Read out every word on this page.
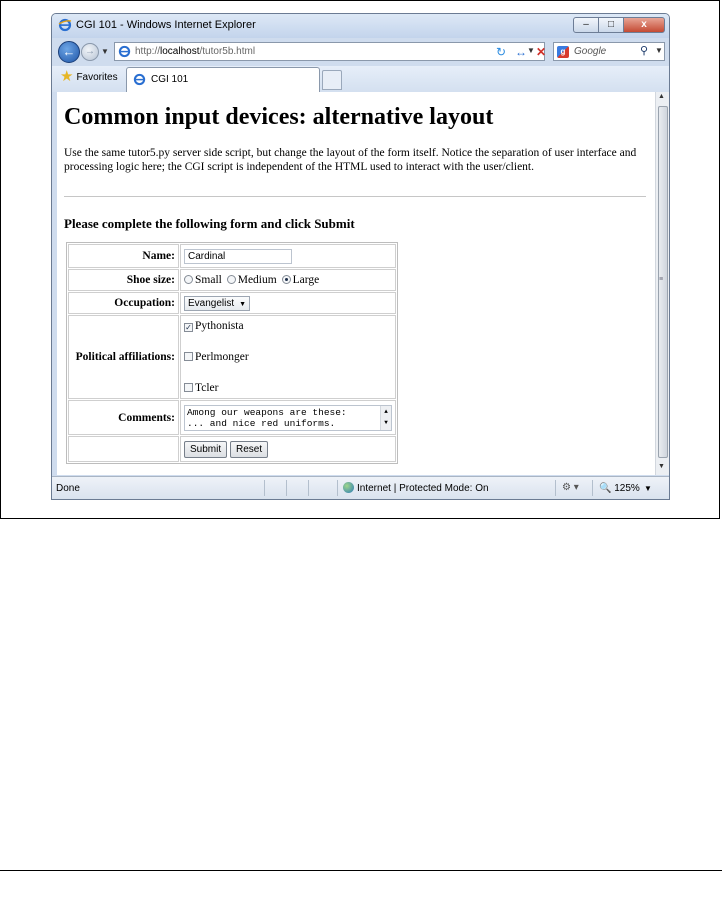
CGI 101 - Windows Internet Explorer	–	□	x
← → ▼	http://localhost/tutor5b.html	▼
↻ ↔ ✕	g Google	⚲ ▼
★ Favorites	CGI 101
Common input devices: alternative layout

Use the same tutor5.py server side script, but change the layout of the form itself. Notice the separation of user interface and processing logic here; the CGI script is independent of the HTML used to interact with the user/client.

Please complete the following form and click Submit
Name:	Cardinal
Shoe size:	Small Medium Large
Occupation:	Evangelist ▼
Political affiliations:	✓ Pythonista
Perlmonger
Tcler

Comments:	Among our weapons are these:
... and nice red uniforms.
▲
▼

	Submit Reset
▲
≡
▼
Done	Internet | Protected Mode: On	⚙ ▾ 🔍 125% ▼
